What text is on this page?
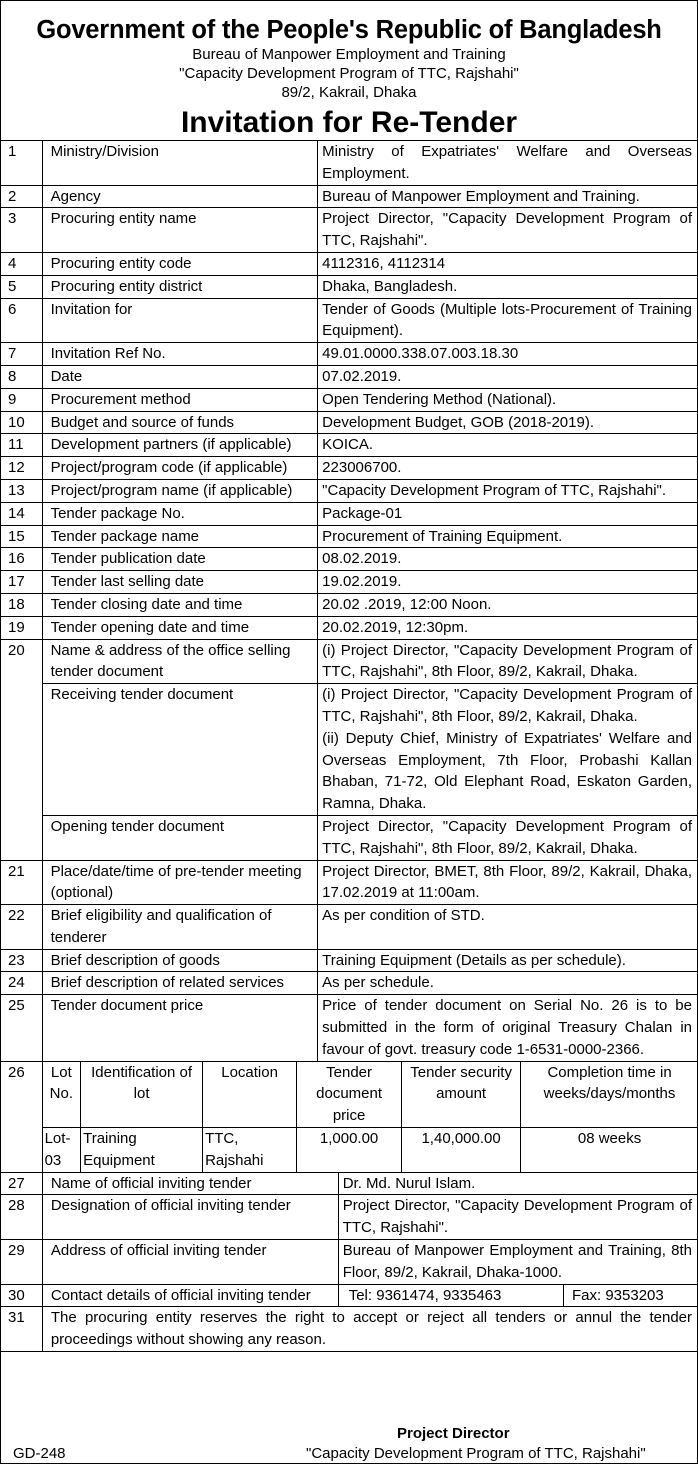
Government of the People's Republic of Bangladesh
Bureau of Manpower Employment and Training
"Capacity Development Program of TTC, Rajshahi"
89/2, Kakrail, Dhaka
Invitation for Re-Tender
1	Ministry/Division	Ministry of Expatriates' Welfare and Overseas Employment.
2	Agency	Bureau of Manpower Employment and Training.
3	Procuring entity name	Project Director, "Capacity Development Program of TTC, Rajshahi".
4	Procuring entity code	4112316, 4112314
5	Procuring entity district	Dhaka, Bangladesh.
6	Invitation for	Tender of Goods (Multiple lots-Procurement of Training Equipment).
7	Invitation Ref No.	49.01.0000.338.07.003.18.30
8	Date	07.02.2019.
9	Procurement method	Open Tendering Method (National).
10	Budget and source of funds	Development Budget, GOB (2018-2019).
11	Development partners (if applicable)	KOICA.
12	Project/program code (if applicable)	223006700.
13	Project/program name (if applicable)	"Capacity Development Program of TTC, Rajshahi".
14	Tender package No.	Package-01
15	Tender package name	Procurement of Training Equipment.
16	Tender publication date	08.02.2019.
17	Tender last selling date	19.02.2019.
18	Tender closing date and time	20.02 .2019, 12:00 Noon.
19	Tender opening date and time	20.02.2019, 12:30pm.
20	Name & address of the office selling tender document	(i) Project Director, "Capacity Development Program of TTC, Rajshahi", 8th Floor, 89/2, Kakrail, Dhaka.
Receiving tender document	(i) Project Director, "Capacity Development Program of TTC, Rajshahi", 8th Floor, 89/2, Kakrail, Dhaka.
(ii) Deputy Chief, Ministry of Expatriates' Welfare and Overseas Employment, 7th Floor, Probashi Kallan Bhaban, 71-72, Old Elephant Road, Eskaton Garden, Ramna, Dhaka.

Opening tender document	Project Director, "Capacity Development Program of TTC, Rajshahi", 8th Floor, 89/2, Kakrail, Dhaka.
21	Place/date/time of pre-tender meeting (optional)	Project Director, BMET, 8th Floor, 89/2, Kakrail, Dhaka, 17.02.2019 at 11:00am.
22	Brief eligibility and qualification of tenderer	As per condition of STD.
23	Brief description of goods	Training Equipment (Details as per schedule).
24	Brief description of related services	As per schedule.
25	Tender document price	Price of tender document on Serial No. 26 is to be submitted in the form of original Treasury Chalan in favour of govt. treasury code 1-6531-0000-2366.
26	Lot No.	Identification of lot	Location	Tender document price	Tender security amount	Completion time in weeks/days/months
Lot-03	Training Equipment	TTC, Rajshahi	1,000.00	1,40,000.00	08 weeks
27	Name of official inviting tender	Dr. Md. Nurul Islam.
28	Designation of official inviting tender	Project Director, "Capacity Development Program of TTC, Rajshahi".
29	Address of official inviting tender	Bureau of Manpower Employment and Training, 8th Floor, 89/2, Kakrail, Dhaka-1000.
30	Contact details of official inviting tender		Tel: 9361474, 9335463	Fax: 9353203

31	The procuring entity reserves the right to accept or reject all tenders or annul the tender proceedings without showing any reason.
Project Director
"Capacity Development Program of TTC, Rajshahi"
GD-248
